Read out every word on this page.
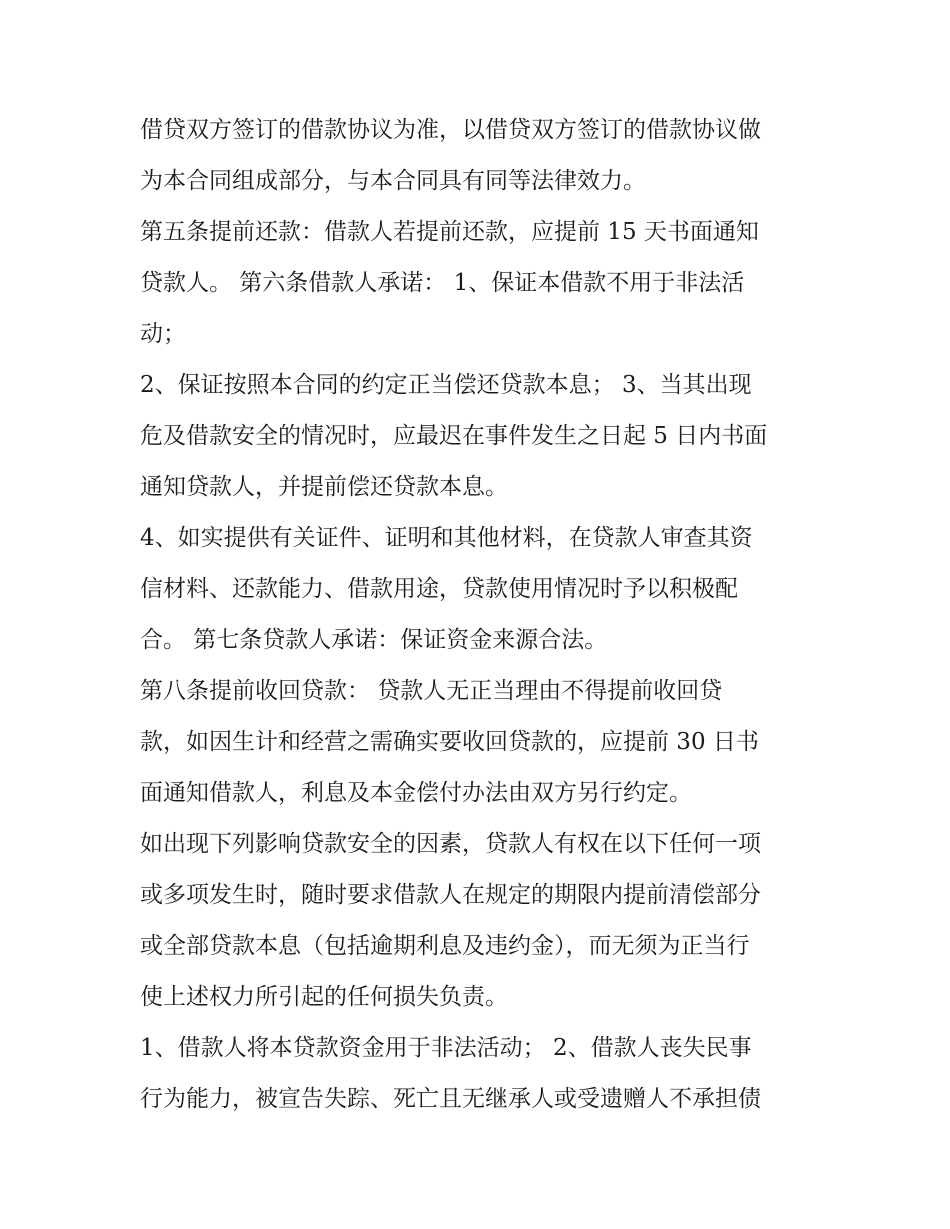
借贷双方签订的借款协议为准，以借贷双方签订的借款协议做
为本合同组成部分，与本合同具有同等法律效力。
第五条提前还款：借款人若提前还款，应提前 15 天书面通知
贷款人。 第六条借款人承诺： 1、保证本借款不用于非法活
动；
2、保证按照本合同的约定正当偿还贷款本息； 3、当其出现
危及借款安全的情况时，应最迟在事件发生之日起 5 日内书面
通知贷款人，并提前偿还贷款本息。
4、如实提供有关证件、证明和其他材料，在贷款人审查其资
信材料、还款能力、借款用途，贷款使用情况时予以积极配
合。 第七条贷款人承诺：保证资金来源合法。
第八条提前收回贷款： 贷款人无正当理由不得提前收回贷
款，如因生计和经营之需确实要收回贷款的，应提前 30 日书
面通知借款人，利息及本金偿付办法由双方另行约定。
如出现下列影响贷款安全的因素，贷款人有权在以下任何一项
或多项发生时，随时要求借款人在规定的期限内提前清偿部分
或全部贷款本息（包括逾期利息及违约金），而无须为正当行
使上述权力所引起的任何损失负责。
1、借款人将本贷款资金用于非法活动； 2、借款人丧失民事
行为能力，被宣告失踪、死亡且无继承人或受遗赠人不承担债
